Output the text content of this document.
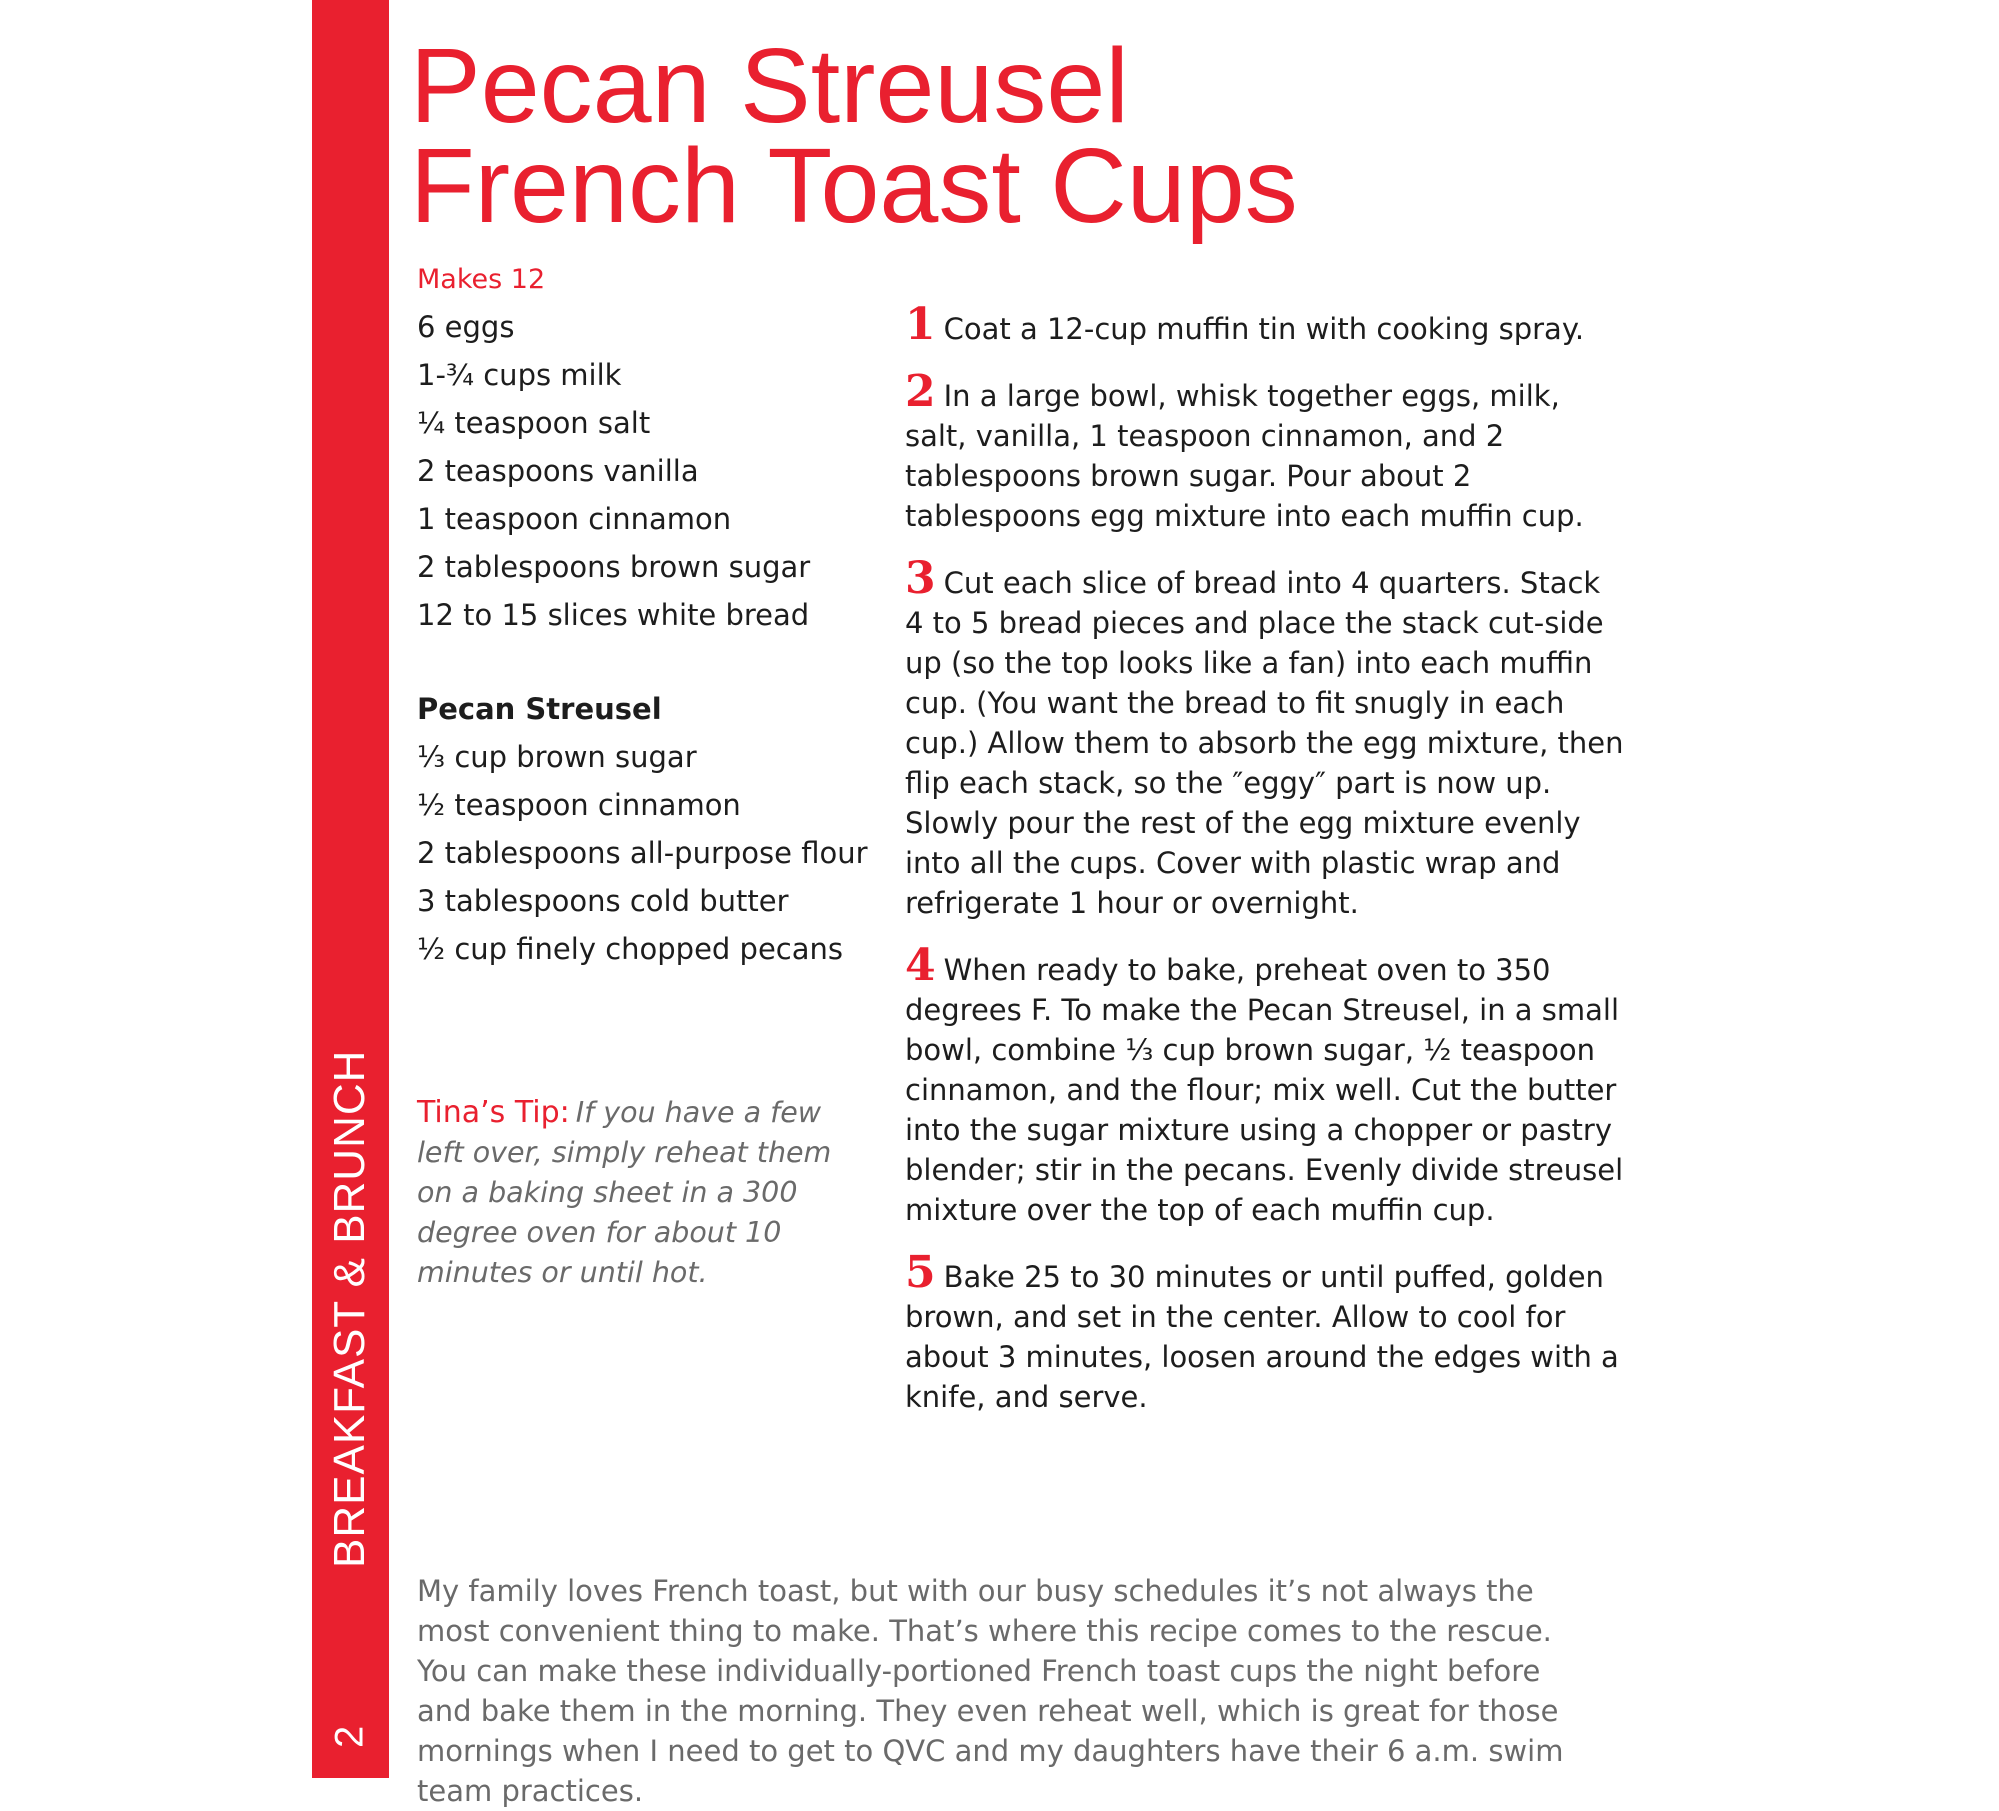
BREAKFAST & BRUNCH
2
Pecan Streusel
French Toast Cups
Makes 12
6 eggs
1-¾ cups milk
¼ teaspoon salt
2 teaspoons vanilla
1 teaspoon cinnamon
2 tablespoons brown sugar
12 to 15 slices white bread
Pecan Streusel
⅓ cup brown sugar
½ teaspoon cinnamon
2 tablespoons all-purpose flour
3 tablespoons cold butter
½ cup finely chopped pecans
Tina’s Tip: If you have a few left over, simply reheat them on a baking sheet in a 300 degree oven for about 10 minutes or until hot.

1 Coat a 12-cup muffin tin with cooking spray.

2 In a large bowl, whisk together eggs, milk, salt, vanilla, 1 teaspoon cinnamon, and 2 tablespoons brown sugar. Pour about 2 tablespoons egg mixture into each muffin cup.

3 Cut each slice of bread into 4 quarters. Stack 4 to 5 bread pieces and place the stack cut-side up (so the top looks like a fan) into each muffin cup. (You want the bread to fit snugly in each cup.) Allow them to absorb the egg mixture, then flip each stack, so the ″eggy″ part is now up. Slowly pour the rest of the egg mixture evenly into all the cups. Cover with plastic wrap and refrigerate 1 hour or overnight.

4 When ready to bake, preheat oven to 350 degrees F. To make the Pecan Streusel, in a small bowl, combine ⅓ cup brown sugar, ½ teaspoon cinnamon, and the flour; mix well. Cut the butter into the sugar mixture using a chopper or pastry blender; stir in the pecans. Evenly divide streusel mixture over the top of each muffin cup.

5 Bake 25 to 30 minutes or until puffed, golden brown, and set in the center. Allow to cool for about 3 minutes, loosen around the edges with a knife, and serve.

My family loves French toast, but with our busy schedules it’s not always the most convenient thing to make. That’s where this recipe comes to the rescue. You can make these individually-portioned French toast cups the night before and bake them in the morning. They even reheat well, which is great for those mornings when I need to get to QVC and my daughters have their 6 a.m. swim team practices.
